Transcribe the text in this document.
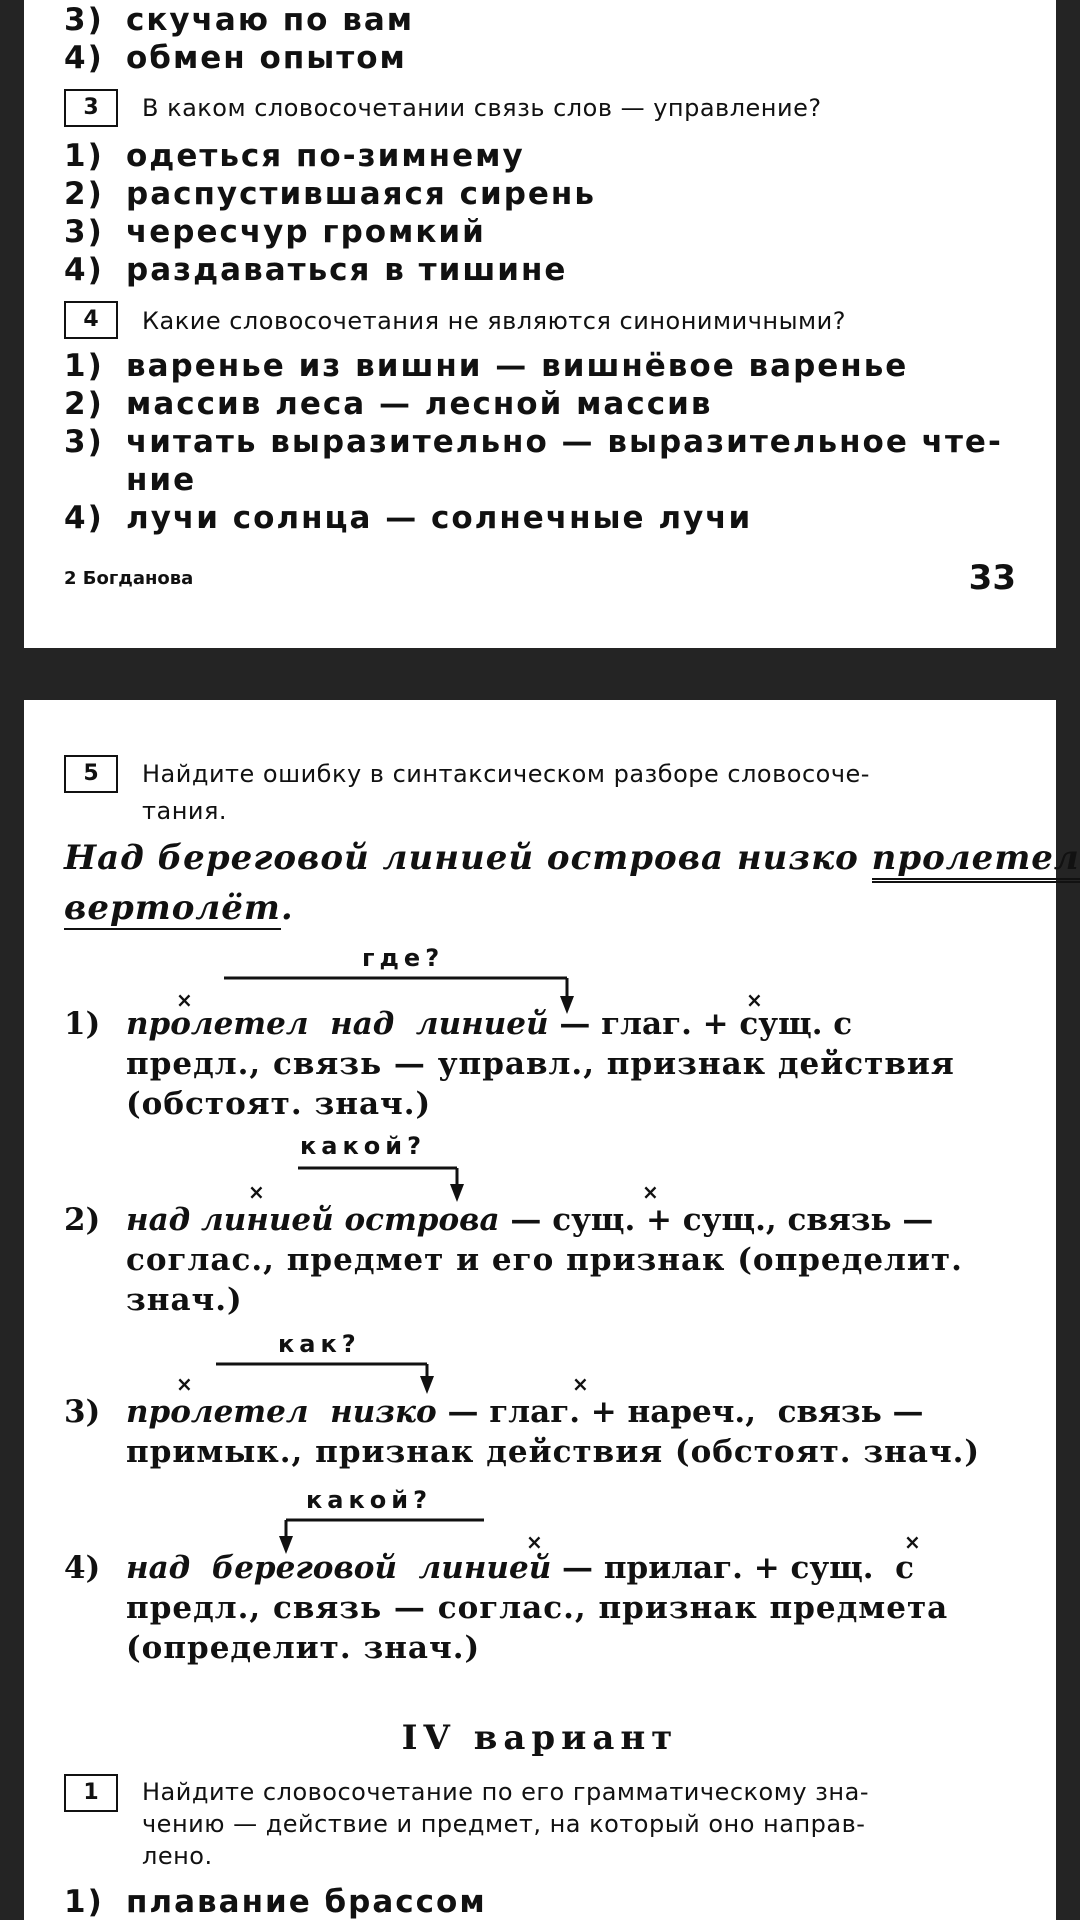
3) скучаю по вам
4) обмен опытом
3	В каком словосочетании связь слов — управление?
1) одеться по-зимнему
2) распустившаяся сирень
3) чересчур громкий
4) раздаваться в тишине
4	Какие словосочетания не являются синонимичными?
1) варенье из вишни — вишнёвое варенье
2) массив леса — лесной массив
3) читать выразительно — выразительное чте-
ние
4) лучи солнца — солнечные лучи
2 Богданова	33
5	Найдите ошибку в синтаксическом разборе словосоче-
тания.
Над береговой линией острова низко пролетел
вертолёт.
где?
×	×
1) пролетел  над  линией — глаг. + сущ. с
предл., связь — управл., признак действия
(обстоят. знач.)
какой?
×	×
2) над линией острова — сущ. + сущ., связь —
соглас., предмет и его признак (определит.
знач.)
как?
×	×
3) пролетел  низко — глаг. + нареч.,  связь —
примык., признак действия (обстоят. знач.)
какой?
×	×
4) над  береговой  линией — прилаг. + сущ.  с
предл., связь — соглас., признак предмета
(определит. знач.)
IV вариант
1	Найдите словосочетание по его грамматическому зна-
чению — действие и предмет, на который оно направ-
лено.
1) плавание брассом
